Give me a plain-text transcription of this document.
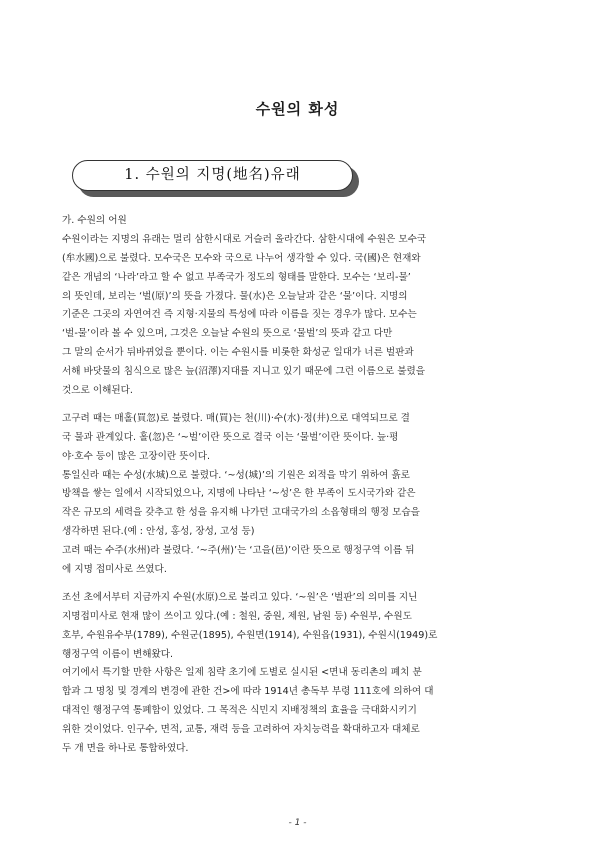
수원의 화성
1. 수원의 지명(地名)유래
가. 수원의 어원
수원이라는 지명의 유래는 멀리 삼한시대로 거슬러 올라간다. 삼한시대에 수원은 모수국
(牟水國)으로 불렸다. 모수국은 모수와 국으로 나누어 생각할 수 있다. 국(國)은 현재와
같은 개념의 ‘나라’라고 할 수 없고 부족국가 정도의 형태를 말한다. 모수는 ‘보리-물’
의 뜻인데, 보리는 ‘벌(原)’의 뜻을 가졌다. 물(水)은 오늘날과 같은 ‘물’이다. 지명의
기준은 그곳의 자연여건 즉 지형·지물의 특성에 따라 이름을 짓는 경우가 많다. 모수는
‘벌-물’이라 볼 수 있으며, 그것은 오늘날 수원의 뜻으로 ‘물벌’의 뜻과 같고 다만
그 말의 순서가 뒤바뀌었을 뿐이다. 이는 수원시를 비롯한 화성군 일대가 너른 벌판과
서해 바닷물의 침식으로 많은 늪(沼澤)지대를 지니고 있기 때문에 그런 이름으로 불렸을
것으로 이해된다.
고구려 때는 매홀(買忽)로 불렸다. 매(買)는 천(川)·수(水)·정(井)으로 대역되므로 결
국 물과 관계있다. 홀(忽)은 ‘~벌’이란 뜻으로 결국 이는 ‘물벌’이란 뜻이다. 늪·평
야·호수 등이 많은 고장이란 뜻이다.
통일신라 때는 수성(水城)으로 불렸다. ‘~성(城)’의 기원은 외적을 막기 위하여 흙로
방책을 쌓는 일에서 시작되었으나, 지명에 나타난 ‘~성’은 한 부족이 도시국가와 같은
작은 규모의 세력을 갖추고 한 성을 유지해 나가던 고대국가의 소읍형태의 행정 모습을
생각하면 된다.(예 : 안성, 홍성, 장성, 고성 등)
고려 때는 수주(水州)라 불렸다. ‘~주(州)’는 ‘고을(邑)’이란 뜻으로 행정구역 이름 뒤
에 지명 접미사로 쓰였다.
조선 초에서부터 지금까지 수원(水原)으로 불리고 있다. ‘~원’은 ‘벌판’의 의미를 지닌
지명접미사로 현재 많이 쓰이고 있다.(예 : 철원, 중원, 제원, 남원 등) 수원부, 수원도
호부, 수원유수부(1789), 수원군(1895), 수원면(1914), 수원읍(1931), 수원시(1949)로
행정구역 이름이 변해왔다.
여기에서 특기할 만한 사항은 일제 침략 초기에 도별로 실시된 <면내 동리촌의 폐치 분
합과 그 명칭 및 경계의 변경에 관한 건>에 따라 1914년 총독부 부령 111호에 의하여 대
대적인 행정구역 통폐합이 있었다. 그 목적은 식민지 지배정책의 효율을 극대화시키기
위한 것이었다. 인구수, 면적, 교통, 재력 등을 고려하여 자치능력을 확대하고자 대체로
두 개 면을 하나로 통합하였다.
- 1 -
